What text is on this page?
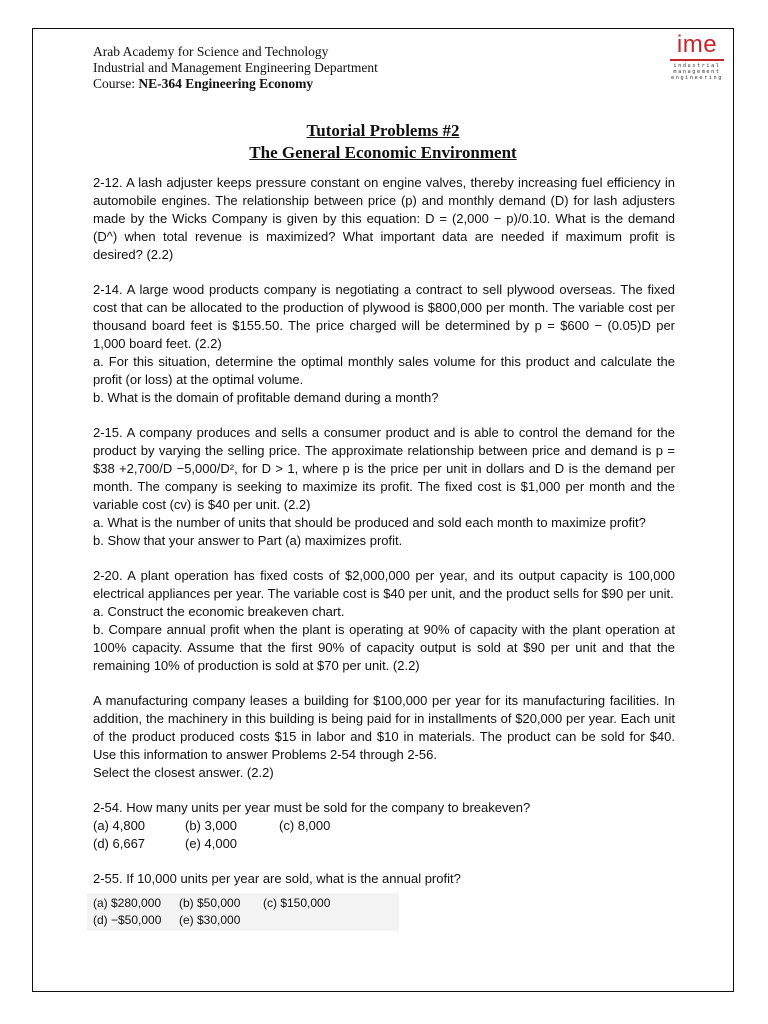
Arab Academy for Science and Technology
Industrial and Management Engineering Department
Course: NE-364 Engineering Economy
ime
industrial
management
engineering
Tutorial Problems #2
The General Economic Environment

2-12. A lash adjuster keeps pressure constant on engine valves, thereby increasing fuel efficiency in automobile engines. The relationship between price (p) and monthly demand (D) for lash adjusters made by the Wicks Company is given by this equation: D = (2,000 − p)/0.10. What is the demand (D^) when total revenue is maximized? What important data are needed if maximum profit is desired? (2.2)

2-14. A large wood products company is negotiating a contract to sell plywood overseas. The fixed cost that can be allocated to the production of plywood is $800,000 per month. The variable cost per thousand board feet is $155.50. The price charged will be determined by p = $600 − (0.05)D per 1,000 board feet. (2.2)

a. For this situation, determine the optimal monthly sales volume for this product and calculate the profit (or loss) at the optimal volume.

b. What is the domain of profitable demand during a month?

2-15. A company produces and sells a consumer product and is able to control the demand for the product by varying the selling price. The approximate relationship between price and demand is p = $38 +2,700/D −5,000/D², for D > 1, where p is the price per unit in dollars and D is the demand per month. The company is seeking to maximize its profit. The fixed cost is $1,000 per month and the variable cost (cv) is $40 per unit. (2.2)

a. What is the number of units that should be produced and sold each month to maximize profit?

b. Show that your answer to Part (a) maximizes profit.

2-20. A plant operation has fixed costs of $2,000,000 per year, and its output capacity is 100,000 electrical appliances per year. The variable cost is $40 per unit, and the product sells for $90 per unit.

a. Construct the economic breakeven chart.

b. Compare annual profit when the plant is operating at 90% of capacity with the plant operation at 100% capacity. Assume that the first 90% of capacity output is sold at $90 per unit and that the remaining 10% of production is sold at $70 per unit. (2.2)

A manufacturing company leases a building for $100,000 per year for its manufacturing facilities. In addition, the machinery in this building is being paid for in installments of $20,000 per year. Each unit of the product produced costs $15 in labor and $10 in materials. The product can be sold for $40. Use this information to answer Problems 2-54 through 2-56.

Select the closest answer. (2.2)

2-54. How many units per year must be sold for the company to breakeven?

(a) 4,800	(b) 3,000	(c) 8,000
(d) 6,667	(e) 4,000

2-55. If 10,000 units per year are sold, what is the annual profit?

(a) $280,000	(b) $50,000	(c) $150,000
(d) −$50,000	(e) $30,000
